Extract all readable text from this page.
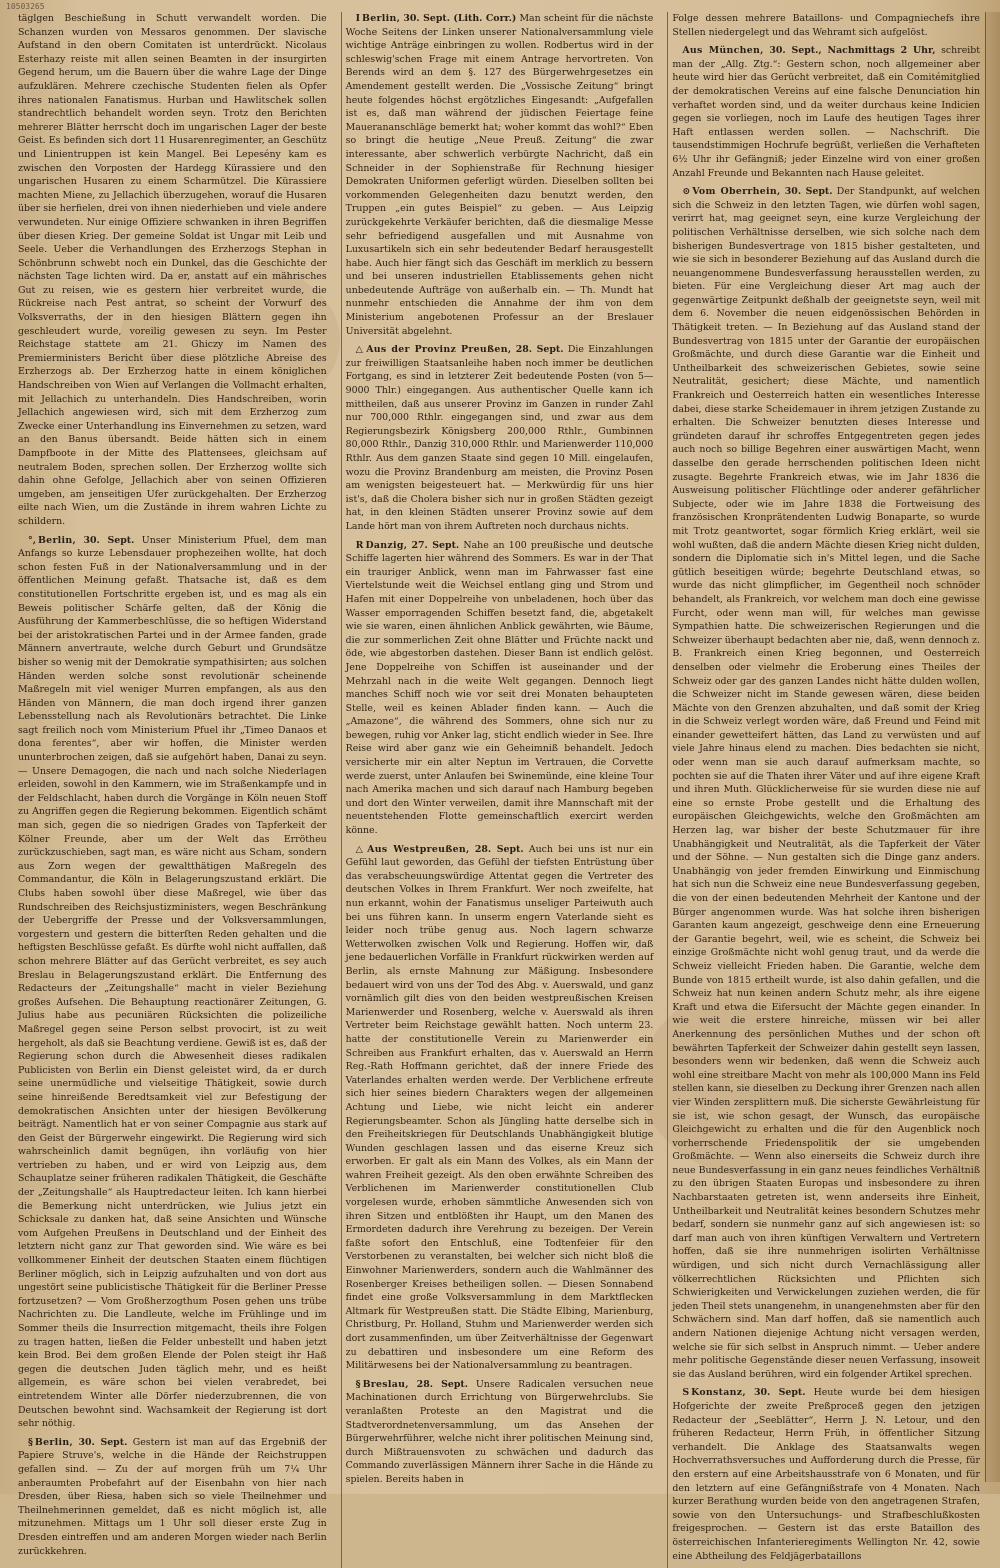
10503265

täglgen Beschießung in Schutt verwandelt worden. Die Schanzen wurden von Messaros genommen. Der slavische Aufstand in den obern Comitaten ist unterdrückt. Nicolaus Esterhazy reiste mit allen seinen Beamten in der insurgirten Gegend herum, um die Bauern über die wahre Lage der Dinge aufzuklären. Mehrere czechische Studenten fielen als Opfer ihres nationalen Fanatismus. Hurban und Hawlitschek sollen standrechtlich behandelt worden seyn. Trotz den Berichten mehrerer Blätter herrscht doch im ungarischen Lager der beste Geist. Es befinden sich dort 11 Husarenregimenter, an Geschütz und Linientruppen ist kein Mangel. Bei Lepesény kam es zwischen den Vorposten der Hardegg Kürassiere und den ungarischen Husaren zu einem Scharmützel. Die Kürassiere machten Miene, zu Jellachich überzugehen, worauf die Husaren über sie herfielen, drei von ihnen niederhieben und viele andere verwundeten. Nur einige Offiziere schwanken in ihren Begriffen über diesen Krieg. Der gemeine Soldat ist Ungar mit Leib und Seele. Ueber die Verhandlungen des Erzherzogs Stephan in Schönbrunn schwebt noch ein Dunkel, das die Geschichte der nächsten Tage lichten wird. Da er, anstatt auf ein mährisches Gut zu reisen, wie es gestern hier verbreitet wurde, die Rückreise nach Pest antrat, so scheint der Vorwurf des Volksverraths, der in den hiesigen Blättern gegen ihn geschleudert wurde, voreilig gewesen zu seyn. Im Pester Reichstage stattete am 21. Ghiczy im Namen des Premierministers Bericht über diese plötzliche Abreise des Erzherzogs ab. Der Erzherzog hatte in einem königlichen Handschreiben von Wien auf Verlangen die Vollmacht erhalten, mit Jellachich zu unterhandeln. Dies Handschreiben, worin Jellachich angewiesen wird, sich mit dem Erzherzog zum Zwecke einer Unterhandlung ins Einvernehmen zu setzen, ward an den Banus übersandt. Beide hätten sich in einem Dampfboote in der Mitte des Plattensees, gleichsam auf neutralem Boden, sprechen sollen. Der Erzherzog wollte sich dahin ohne Gefolge, Jellachich aber von seinen Offizieren umgeben, am jenseitigen Ufer zurückgehalten. Der Erzherzog eilte nach Wien, um die Zustände in ihrem wahren Lichte zu schildern.

°, Berlin, 30. Sept. Unser Ministerium Pfuel, dem man Anfangs so kurze Lebensdauer prophezeihen wollte, hat doch schon festen Fuß in der Nationalversammlung und in der öffentlichen Meinung gefaßt. Thatsache ist, daß es dem constitutionellen Fortschritte ergeben ist, und es mag als ein Beweis politischer Schärfe gelten, daß der König die Ausführung der Kammerbeschlüsse, die so heftigen Widerstand bei der aristokratischen Partei und in der Armee fanden, grade Männern anvertraute, welche durch Geburt und Grundsätze bisher so wenig mit der Demokratie sympathisirten; aus solchen Händen werden solche sonst revolutionär scheinende Maßregeln mit viel weniger Murren empfangen, als aus den Händen von Männern, die man doch irgend ihrer ganzen Lebensstellung nach als Revolutionärs betrachtet. Die Linke sagt freilich noch vom Ministerium Pfuel ihr „Timeo Danaos et dona ferentes“, aber wir hoffen, die Minister werden ununterbrochen zeigen, daß sie aufgehört haben, Danai zu seyn. — Unsere Demagogen, die nach und nach solche Niederlagen erleiden, sowohl in den Kammern, wie im Straßenkampfe und in der Feldschlacht, haben durch die Vorgänge in Köln neuen Stoff zu Angriffen gegen die Regierung bekommen. Eigentlich schämt man sich, gegen die so niedrigen Grades von Tapferkeit der Kölner Freunde, aber um der Welt das Errötheu zurückzuschieben, sagt man, es wäre nicht aus Scham, sondern aus Zorn wegen der gewaltthätigen Maßregeln des Commandantur, die Köln in Belagerungszustand erklärt. Die Clubs haben sowohl über diese Maßregel, wie über das Rundschreiben des Reichsjustizministers, wegen Beschränkung der Uebergriffe der Presse und der Volksversammlungen, vorgestern und gestern die bitterſten Reden gehalten und die heftigsten Beschlüsse gefaßt. Es dürfte wohl nicht auffallen, daß schon mehrere Blätter auf das Gerücht verbreitet, es sey auch Breslau in Belagerungszustand erklärt. Die Entfernung des Redacteurs der „Zeitungshalle“ macht in vieler Beziehung großes Aufsehen. Die Behauptung reactionärer Zeitungen, G. Julius habe aus pecuniären Rücksichten die polizeiliche Maßregel gegen seine Person selbst provocirt, ist zu weit hergeholt, als daß sie Beachtung verdiene. Gewiß ist es, daß der Regierung schon durch die Abwesenheit dieses radikalen Publicisten von Berlin ein Dienst geleistet wird, da er durch seine unermüdliche und vielseitige Thätigkeit, sowie durch seine hinreißende Beredtsamkeit viel zur Befestigung der demokratischen Ansichten unter der hiesigen Bevölkerung beiträgt. Namentlich hat er von seiner Compagnie aus stark auf den Geist der Bürgerwehr eingewirkt. Die Regierung wird sich wahrscheinlich damit begnügen, ihn vorläufig von hier vertrieben zu haben, und er wird von Leipzig aus, dem Schauplatze seiner früheren radikalen Thätigkeit, die Geschäfte der „Zeitungshalle“ als Hauptredacteur leiten. Ich kann hierbei die Bemerkung nicht unterdrücken, wie Julius jetzt ein Schicksale zu danken hat, daß seine Ansichten und Wünsche vom Aufgehen Preußens in Deutschland und der Einheit des letztern nicht ganz zur That geworden sind. Wie wäre es bei vollkommener Einheit der deutschen Staaten einem flüchtigen Berliner möglich, sich in Leipzig aufzuhalten und von dort aus ungestört seine publicistische Thätigkeit für die Berliner Presse fortzusetzen? — Vom Großherzogthum Posen gehen uns trübe Nachrichten zu. Die Landleute, welche im Frühlinge und im Sommer theils die Insurrection mitgemacht, theils ihre Folgen zu tragen hatten, ließen die Felder unbestellt und haben jetzt kein Brod. Bei dem großen Elende der Polen steigt ihr Haß gegen die deutschen Juden täglich mehr, und es heißt allgemein, es wäre schon bei vielen verabredet, bei eintretendem Winter alle Dörfer niederzubrennen, die von Deutschen bewohnt sind. Wachsamkeit der Regierung ist dort sehr nöthig.

§ Berlin, 30. Sept. Gestern ist man auf das Ergebniß der Papiere Struve's, welche in die Hände der Reichstruppen gefallen sind. — Zu der auf morgen früh um 7¼ Uhr anberaumten Probefahrt auf der Eisenbahn von hier nach Dresden, über Riesa, haben sich so viele Theilnehmer und Theilnehmerinnen gemeldet, daß es nicht möglich ist, alle mitzunehmen. Mittags um 1 Uhr soll dieser erste Zug in Dresden eintreffen und am anderen Morgen wieder nach Berlin zurückkehren.

I Berlin, 30. Sept. (Lith. Corr.) Man scheint für die nächste Woche Seitens der Linken unserer Nationalversammlung viele wichtige Anträge einbringen zu wollen. Rodbertus wird in der schleswig'schen Frage mit einem Antrage hervortreten. Von Berends wird an dem §. 127 des Bürgerwehrgesetzes ein Amendement gestellt werden. Die „Vossische Zeitung“ bringt heute folgendes höchst ergötzliches Eingesandt: „Aufgefallen ist es, daß man während der jüdischen Feiertage feine Mauerananschläge bemerkt hat; woher kommt das wohl?“ Eben so bringt die heutige „Neue Preuß. Zeitung“ die zwar interessante, aber schwerlich verbürgte Nachricht, daß ein Schneider in der Sophienstraße für Rechnung hiesiger Demokraten Uniformen geferligt würden. Dieselben sollten bei vorkommenden Gelegenheiten dazu benutzt werden, den Truppen „ein gutes Beispiel“ zu geben. — Aus Leipzig zurückgekehrte Verkäufer berichten, daß die diesmalige Messe sehr befriedigend ausgefallen und mit Ausnahme von Luxusartikeln sich ein sehr bedeutender Bedarf herausgestellt habe. Auch hier fängt sich das Geschäft im merklich zu bessern und bei unseren industriellen Etablissements gehen nicht unbedeutende Aufträge von außerhalb ein. — Th. Mundt hat nunmehr entschieden die Annahme der ihm von dem Ministerium angebotenen Professur an der Breslauer Universität abgelehnt.

△ Aus der Provinz Preußen, 28. Sept. Die Einzahlungen zur freiwilligen Staatsanleihe haben noch immer be deutlichen Fortgang, es sind in letzterer Zeit bedeutende Posten (von 5—9000 Thlr.) eingegangen. Aus authentischer Quelle kann ich mittheilen, daß aus unserer Provinz im Ganzen in runder Zahl nur 700,000 Rthlr. eingegangen sind, und zwar aus dem Regierungsbezirk Königsberg 200,000 Rthlr., Gumbinnen 80,000 Rthlr., Danzig 310,000 Rthlr. und Marienwerder 110,000 Rthlr. Aus dem ganzen Staate sind gegen 10 Mill. eingelaufen, wozu die Provinz Brandenburg am meisten, die Provinz Posen am wenigsten beigesteuert hat. — Merkwürdig für uns hier ist's, daß die Cholera bisher sich nur in großen Städten gezeigt hat, in den kleinen Städten unserer Provinz sowie auf dem Lande hört man von ihrem Auftreten noch durchaus nichts.

R Danzig, 27. Sept. Nahe an 100 preußische und deutsche Schiffe lagerten hier während des Sommers. Es war in der That ein trauriger Anblick, wenn man im Fahrwasser fast eine Viertelstunde weit die Weichsel entlang ging und Strom und Hafen mit einer Doppelreihe von unbeladenen, hoch über das Wasser emporragenden Schiffen besetzt fand, die, abgetakelt wie sie waren, einen ähnlichen Anblick gewährten, wie Bäume, die zur sommerlichen Zeit ohne Blätter und Früchte nackt und öde, wie abgestorben dastehen. Dieser Bann ist endlich gelöst. Jene Doppelreihe von Schiffen ist auseinander und der Mehrzahl nach in die weite Welt gegangen. Dennoch liegt manches Schiff noch wie vor seit drei Monaten behaupteten Stelle, weil es keinen Ablader finden kann. — Auch die „Amazone“, die während des Sommers, ohne sich nur zu bewegen, ruhig vor Anker lag, sticht endlich wieder in See. Ihre Reise wird aber ganz wie ein Geheimniß behandelt. Jedoch versicherte mir ein alter Neptun im Vertrauen, die Corvette werde zuerst, unter Anlaufen bei Swinemünde, eine kleine Tour nach Amerika machen und sich darauf nach Hamburg begeben und dort den Winter verweilen, damit ihre Mannschaft mit der neuentstehenden Flotte gemeinschaftlich exercirt werden könne.

△ Aus Westpreußen, 28. Sept. Auch bei uns ist nur ein Gefühl laut geworden, das Gefühl der tiefsten Entrüstung über das verabscheuungswürdige Attentat gegen die Vertreter des deutschen Volkes in Ihrem Frankfurt. Wer noch zweifelte, hat nun erkannt, wohin der Fanatismus unseliger Parteiwuth auch bei uns führen kann. In unserm engern Vaterlande sieht es leider noch trübe genug aus. Noch lagern schwarze Wetterwolken zwischen Volk und Regierung. Hoffen wir, daß jene bedauerlichen Vorfälle in Frankfurt rückwirken werden auf Berlin, als ernste Mahnung zur Mäßigung. Insbesondere bedauert wird von uns der Tod des Abg. v. Auerswald, und ganz vornämlich gilt dies von den beiden westpreußischen Kreisen Marienwerder und Rosenberg, welche v. Auerswald als ihren Vertreter beim Reichstage gewählt hatten. Noch unterm 23. hatte der constitutionelle Verein zu Marienwerder ein Schreiben aus Frankfurt erhalten, das v. Auerswald an Herrn Reg.-Rath Hoffmann gerichtet, daß der innere Friede des Vaterlandes erhalten werden werde. Der Verblichene erfreute sich hier seines biedern Charakters wegen der allgemeinen Achtung und Liebe, wie nicht leicht ein anderer Regierungsbeamter. Schon als Jüngling hatte derselbe sich in den Freiheitskriegen für Deutschlands Unabhängigkeit blutige Wunden geschlagen lassen und das eiserne Kreuz sich erworben. Er galt als ein Mann des Volkes, als ein Mann der wahren Freiheit gezeigt. Als den oben erwähnte Schreiben des Verblichenen im Marienwerder constitutionellen Club vorgelesen wurde, erhoben sämmtliche Anwesenden sich von ihren Sitzen und entblößten ihr Haupt, um den Manen des Ermordeten dadurch ihre Verehrung zu bezeigen. Der Verein faßte sofort den Entschluß, eine Todtenfeier für den Verstorbenen zu veranstalten, bei welcher sich nicht bloß die Einwohner Marienwerders, sondern auch die Wahlmänner des Rosenberger Kreises betheiligen sollen. — Diesen Sonnabend findet eine große Volksversammlung in dem Marktflecken Altmark für Westpreußen statt. Die Städte Elbing, Marienburg, Christburg, Pr. Holland, Stuhm und Marienwerder werden sich dort zusammenfinden, um über Zeitverhältnisse der Gegenwart zu debattiren und insbesondere um eine Reform des Militärwesens bei der Nationalversammlung zu beantragen.

§ Breslau, 28. Sept. Unsere Radicalen versuchen neue Machinationen durch Errichtung von Bürgerwehrclubs. Sie veranlaßten Proteste an den Magistrat und die Stadtverordnetenversammlung, um das Ansehen der Bürgerwehrführer, welche nicht ihrer politischen Meinung sind, durch Mißtrauensvoten zu schwächen und dadurch das Commando zuverlässigen Männern ihrer Sache in die Hände zu spielen. Bereits haben in

Folge dessen mehrere Bataillons- und Compagniechefs ihre Stellen niedergelegt und das Wehramt sich aufgelöst.

Aus München, 30. Sept., Nachmittags 2 Uhr, schreibt man der „Allg. Ztg.“: Gestern schon, noch allgemeiner aber heute wird hier das Gerücht verbreitet, daß ein Comitémitglied der demokratischen Vereins auf eine falsche Denunciation hin verhaftet worden sind, und da weiter durchaus keine Indicien gegen sie vorliegen, noch im Laufe des heutigen Tages ihrer Haft entlassen werden sollen. — Nachschrift. Die tausendstimmigen Hochrufe begrüßt, verließen die Verhafteten 6½ Uhr ihr Gefängniß; jeder Einzelne wird von einer großen Anzahl Freunde und Bekannten nach Hause geleitet.

⊙ Vom Oberrhein, 30. Sept. Der Standpunkt, auf welchen sich die Schweiz in den letzten Tagen, wie dürfen wohl sagen, verirrt hat, mag geeignet seyn, eine kurze Vergleichung der politischen Verhältnisse derselben, wie sich solche nach dem bisherigen Bundesvertrage von 1815 bisher gestalteten, und wie sie sich in besonderer Beziehung auf das Ausland durch die neuangenommene Bundesverfassung herausstellen werden, zu bieten. Für eine Vergleichung dieser Art mag auch der gegenwärtige Zeitpunkt deßhalb der geeignetste seyn, weil mit dem 6. November die neuen eidgenössischen Behörden in Thätigkeit treten. — In Beziehung auf das Ausland stand der Bundesvertrag von 1815 unter der Garantie der europäischen Großmächte, und durch diese Garantie war die Einheit und Untheilbarkeit des schweizerischen Gebietes, sowie seine Neutralität, gesichert; diese Mächte, und namentlich Frankreich und Oesterreich hatten ein wesentliches Interesse dabei, diese starke Scheidemauer in ihrem jetzigen Zustande zu erhalten. Die Schweizer benutzten dieses Interesse und gründeten darauf ihr schroffes Entgegentreten gegen jedes auch noch so billige Begehren einer auswärtigen Macht, wenn dasselbe den gerade herrschenden politischen Ideen nicht zusagte. Begehrte Frankreich etwas, wie im Jahr 1836 die Ausweisung politischer Flüchtlinge oder anderer gefährlicher Subjecte, oder wie im Jahre 1838 die Fortweisung des französischen Kronprätendenten Ludwig Bonaparte, so wurde mit Trotz geantwortet, sogar förmlich Krieg erklärt, weil sie wohl wußten, daß die andern Mächte diesen Krieg nicht dulden, sondern die Diplomatie sich in's Mittel legen, und die Sache gütlich beseitigen würde; begehrte Deutschland etwas, so wurde das nicht glimpflicher, im Gegentheil noch schnöder behandelt, als Frankreich, vor welchem man doch eine gewisse Furcht, oder wenn man will, für welches man gewisse Sympathien hatte. Die schweizerischen Regierungen und die Schweizer überhaupt bedachten aber nie, daß, wenn dennoch z. B. Frankreich einen Krieg begonnen, und Oesterreich denselben oder vielmehr die Eroberung eines Theiles der Schweiz oder gar des ganzen Landes nicht hätte dulden wollen, die Schweizer nicht im Stande gewesen wären, diese beiden Mächte von den Grenzen abzuhalten, und daß somit der Krieg in die Schweiz verlegt worden wäre, daß Freund und Feind mit einander gewetteifert hätten, das Land zu verwüsten und auf viele Jahre hinaus elend zu machen. Dies bedachten sie nicht, oder wenn man sie auch darauf aufmerksam machte, so pochten sie auf die Thaten ihrer Väter und auf ihre eigene Kraft und ihren Muth. Glücklicherweise für sie wurden diese nie auf eine so ernste Probe gestellt und die Erhaltung des europäischen Gleichgewichts, welche den Großmächten am Herzen lag, war bisher der beste Schutzmauer für ihre Unabhängigkeit und Neutralität, als die Tapferkeit der Väter und der Söhne. — Nun gestalten sich die Dinge ganz anders. Unabhängig von jeder fremden Einwirkung und Einmischung hat sich nun die Schweiz eine neue Bundesverfassung gegeben, die von der einen bedeutenden Mehrheit der Kantone und der Bürger angenommen wurde. Was hat solche ihren bisherigen Garanten kaum angezeigt, geschweige denn eine Erneuerung der Garantie begehrt, weil, wie es scheint, die Schweiz bei einzige Großmächte nicht wohl genug traut, und da werde die Schweiz vielleicht Frieden haben. Die Garantie, welche dem Bunde von 1815 ertheilt wurde, ist also dahin gefallen, und die Schweiz hat nun keinen andern Schutz mehr, als ihre eigene Kraft und etwa die Eifersucht der Mächte gegen einander. In wie weit die erstere hinreiche, müssen wir bei aller Anerkennung des persönlichen Muthes und der schon oft bewährten Tapferkeit der Schweizer dahin gestellt seyn lassen, besonders wenn wir bedenken, daß wenn die Schweiz auch wohl eine streitbare Macht von mehr als 100,000 Mann ins Feld stellen kann, sie dieselben zu Deckung ihrer Grenzen nach allen vier Winden zersplittern muß. Die sicherste Gewährleistung für sie ist, wie schon gesagt, der Wunsch, das europäische Gleichgewicht zu erhalten und die für den Augenblick noch vorherrschende Friedenspolitik der sie umgebenden Großmächte. — Wenn also einerseits die Schweiz durch ihre neue Bundesverfassung in ein ganz neues feindliches Verhältniß zu den übrigen Staaten Europas und insbesondere zu ihren Nachbarstaaten getreten ist, wenn anderseits ihre Einheit, Untheilbarkeit und Neutralität keines besondern Schutzes mehr bedarf, sondern sie nunmehr ganz auf sich angewiesen ist: so darf man auch von ihren künftigen Verwaltern und Vertretern hoffen, daß sie ihre nunmehrigen isolirten Verhältnisse würdigen, und sich nicht durch Vernachlässigung aller völkerrechtlichen Rücksichten und Pflichten sich Schwierigkeiten und Verwickelungen zuziehen werden, die für jeden Theil stets unangenehm, in unangenehmsten aber für den Schwächern sind. Man darf hoffen, daß sie namentlich auch andern Nationen diejenige Achtung nicht versagen werden, welche sie für sich selbst in Anspruch nimmt. — Ueber andere mehr politische Gegenstände dieser neuen Verfassung, insoweit sie das Ausland berühren, wird ein folgender Artikel sprechen.

S Konstanz, 30. Sept. Heute wurde bei dem hiesigen Hofgerichte der zweite Preßproceß gegen den jetzigen Redacteur der „Seeblätter“, Herrn J. N. Letour, und den früheren Redacteur, Herrn Früh, in öffentlicher Sitzung verhandelt. Die Anklage des Staatsanwalts wegen Hochverrathsversuches und Aufforderung durch die Presse, für den erstern auf eine Arbeitshausstrafe von 6 Monaten, und für den letztern auf eine Gefängnißstrafe von 4 Monaten. Nach kurzer Berathung wurden beide von den angetragenen Strafen, sowie von den Untersuchungs- und Strafbeschlußkosten freigesprochen. — Gestern ist das erste Bataillon des österreichischen Infanterieregiments Wellington Nr. 42, sowie eine Abtheilung des Feldjägerbataillons
